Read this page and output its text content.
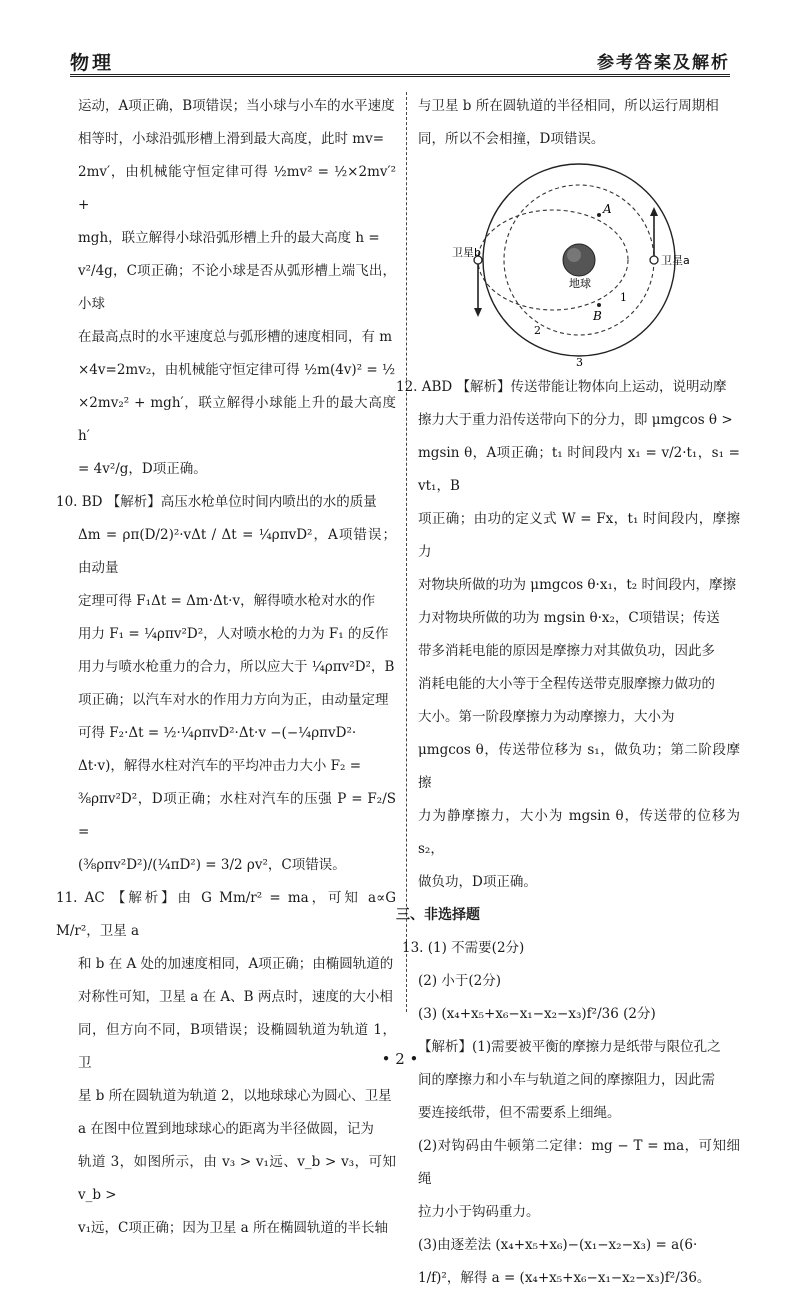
物理	参考答案及解析

运动，A项正确，B项错误；当小球与小车的水平速度

相等时，小球沿弧形槽上滑到最大高度，此时 mv=

2mv′，由机械能守恒定律可得 ½mv² = ½×2mv′² +

mgh，联立解得小球沿弧形槽上升的最大高度 h =

v²/4g，C项正确；不论小球是否从弧形槽上端飞出，小球

在最高点时的水平速度总与弧形槽的速度相同，有 m

×4v=2mv₂，由机械能守恒定律可得 ½m(4v)² = ½

×2mv₂² + mgh′，联立解得小球能上升的最大高度 h′

= 4v²/g，D项正确。

10. BD 【解析】高压水枪单位时间内喷出的水的质量

Δm = ρπ(D/2)²·vΔt / Δt = ¼ρπvD²，A项错误；由动量

定理可得 F₁Δt = Δm·Δt·v，解得喷水枪对水的作

用力 F₁ = ¼ρπv²D²，人对喷水枪的力为 F₁ 的反作

用力与喷水枪重力的合力，所以应大于 ¼ρπv²D²，B

项正确；以汽车对水的作用力方向为正，由动量定理

可得 F₂·Δt = ½·¼ρπvD²·Δt·v −(−¼ρπvD²·

Δt·v)，解得水柱对汽车的平均冲击力大小 F₂ =

⅜ρπv²D²，D项正确；水柱对汽车的压强 P = F₂/S =

(⅜ρπv²D²)/(¼πD²) = 3/2 ρv²，C项错误。

11. AC 【解析】由 G Mm/r² = ma，可知 a∝G M/r²，卫星 a

和 b 在 A 处的加速度相同，A项正确；由椭圆轨道的

对称性可知，卫星 a 在 A、B 两点时，速度的大小相

同，但方向不同，B项错误；设椭圆轨道为轨道 1，卫

星 b 所在圆轨道为轨道 2，以地球球心为圆心、卫星

a 在图中位置到地球球心的距离为半径做圆，记为

轨道 3，如图所示，由 v₃ > v₁远、v_b > v₃，可知 v_b >

v₁远，C项正确；因为卫星 a 所在椭圆轨道的半长轴

与卫星 b 所在圆轨道的半径相同，所以运行周期相

同，所以不会相撞，D项错误。

A
B
地球
卫星b
卫星a
1
2
3

12. ABD 【解析】传送带能让物体向上运动，说明动摩

擦力大于重力沿传送带向下的分力，即 μmgcos θ >

mgsin θ，A项正确；t₁ 时间段内 x₁ = v/2·t₁，s₁ = vt₁，B

项正确；由功的定义式 W = Fx，t₁ 时间段内，摩擦力

对物块所做的功为 μmgcos θ·x₁，t₂ 时间段内，摩擦

力对物块所做的功为 mgsin θ·x₂，C项错误；传送

带多消耗电能的原因是摩擦力对其做负功，因此多

消耗电能的大小等于全程传送带克服摩擦力做功的

大小。第一阶段摩擦力为动摩擦力，大小为

μmgcos θ，传送带位移为 s₁，做负功；第二阶段摩擦

力为静摩擦力，大小为 mgsin θ，传送带的位移为 s₂，

做负功，D项正确。

三、非选择题

13. (1) 不需要(2分)

(2) 小于(2分)

(3) (x₄+x₅+x₆−x₁−x₂−x₃)f²/36 (2分)

【解析】(1)需要被平衡的摩擦力是纸带与限位孔之

间的摩擦力和小车与轨道之间的摩擦阻力，因此需

要连接纸带，但不需要系上细绳。

(2)对钩码由牛顿第二定律：mg − T = ma，可知细绳

拉力小于钩码重力。

(3)由逐差法 (x₄+x₅+x₆)−(x₁−x₂−x₃) = a(6·

1/f)²，解得 a = (x₄+x₅+x₆−x₁−x₂−x₃)f²/36。

• 2 •
